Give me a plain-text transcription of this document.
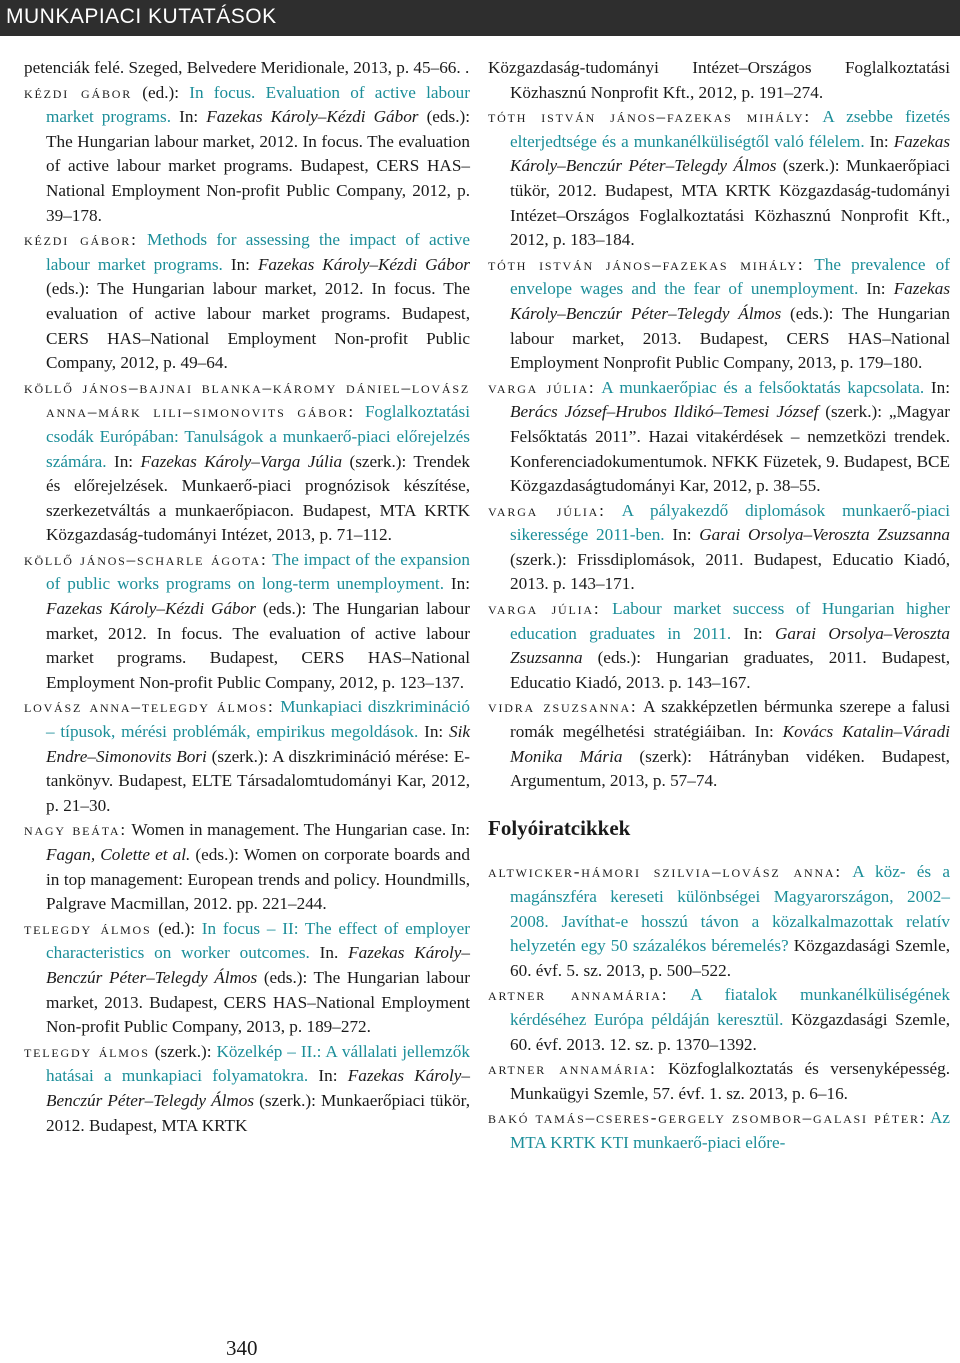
MUNKAPIACI KUTATÁSOK

petenciák felé. Szeged, Belvedere Meridionale, 2013, p. 45–66. .

kézdi gábor (ed.): In focus. Evaluation of active labour market programs. In: Fazekas Károly–Kézdi Gábor (eds.): The Hungarian labour market, 2012. In focus. The evaluation of active labour market programs. Budapest, CERS HAS–National Employment Non-profit Public Company, 2012, p. 39–178.

kézdi gábor: Methods for assessing the impact of active labour market programs. In: Fazekas Károly–Kézdi Gábor (eds.): The Hungarian labour market, 2012. In focus. The evaluation of active labour market programs. Budapest, CERS HAS–National Employment Non-profit Public Company, 2012, p. 49–64.

köllő jános–bajnai blanka–káromy dániel–lovász anna–márk lili–simonovits gábor: Foglalkoztatási csodák Európában: Tanulságok a munkaerő-piaci előrejelzés számára. In: Fazekas Károly–Varga Júlia (szerk.): Trendek és előrejelzések. Munkaerő-piaci prognózisok készítése, szerkezetváltás a munkaerőpiacon. Budapest, MTA KRTK Közgazdaság-tudományi Intézet, 2013, p. 71–112.

köllő jános–scharle ágota: The impact of the expansion of public works programs on long-term unemployment. In: Fazekas Károly–Kézdi Gábor (eds.): The Hungarian labour market, 2012. In focus. The evaluation of active labour market programs. Budapest, CERS HAS–National Employment Non-profit Public Company, 2012, p. 123–137.

lovász anna–telegdy álmos: Munkapiaci diszkrimináció – típusok, mérési problémák, empirikus megoldások. In: Sik Endre–Simonovits Bori (szerk.): A diszkrimináció mérése: E-tankönyv. Budapest, ELTE Társadalomtudományi Kar, 2012, p. 21–30.

nagy beáta: Women in management. The Hungarian case. In: Fagan, Colette et al. (eds.): Women on corporate boards and in top management: European trends and policy. Houndmills, Palgrave Macmillan, 2012. pp. 221–244.

telegdy álmos (ed.): In focus – II: The effect of employer characteristics on worker outcomes. In. Fazekas Károly–Benczúr Péter–Telegdy Álmos (eds.): The Hungarian labour market, 2013. Budapest, CERS HAS–National Employment Non-profit Public Company, 2013, p. 189–272.

telegdy álmos (szerk.): Közelkép – II.: A vállalati jellemzők hatásai a munkapiaci folyamatokra. In: Fazekas Károly–Benczúr Péter–Telegdy Álmos (szerk.): Munkaerőpiaci tükör, 2012. Budapest, MTA KRTK

Közgazdaság-tudományi Intézet–Országos Foglalkoztatási Közhasznú Nonprofit Kft., 2012, p. 191–274.

tóth istván jános–fazekas mihály: A zsebbe fizetés elterjedtsége és a munkanélküliségtől való félelem. In: Fazekas Károly–Benczúr Péter–Telegdy Álmos (szerk.): Munkaerőpiaci tükör, 2012. Budapest, MTA KRTK Közgazdaság-tudományi Intézet–Országos Foglalkoztatási Közhasznú Nonprofit Kft., 2012, p. 183–184.

tóth istván jános–fazekas mihály: The prevalence of envelope wages and the fear of unemployment. In: Fazekas Károly–Benczúr Péter–Telegdy Álmos (eds.): The Hungarian labour market, 2013. Budapest, CERS HAS–National Employment Nonprofit Public Company, 2013, p. 179–180.

varga júlia: A munkaerőpiac és a felsőoktatás kapcsolata. In: Berács József–Hrubos Ildikó–Temesi József (szerk.): „Magyar Felsőktatás 2011”. Hazai vitakérdések – nemzetközi trendek. Konferenciadokumentumok. NFKK Füzetek, 9. Budapest, BCE Közgazdaságtudományi Kar, 2012, p. 38–55.

varga júlia: A pályakezdő diplomások munkaerő-piaci sikeressége 2011-ben. In: Garai Orsolya–Veroszta Zsuzsanna (szerk.): Frissdiplomások, 2011. Budapest, Educatio Kiadó, 2013. p. 143–171.

varga júlia: Labour market success of Hungarian higher education graduates in 2011. In: Garai Orsolya–Veroszta Zsuzsanna (eds.): Hungarian graduates, 2011. Budapest, Educatio Kiadó, 2013. p. 143–167.

vidra zsuzsanna: A szakképzetlen bérmunka szerepe a falusi romák megélhetési stratégiáiban. In: Kovács Katalin–Váradi Monika Mária (szerk): Hátrányban vidéken. Budapest, Argumentum, 2013, p. 57–74.

Folyóiratcikkek

altwicker-hámori szilvia–lovász anna: A köz- és a magánszféra kereseti különbségei Magyarországon, 2002–2008. Javíthat-e hosszú távon a közalkalmazottak relatív helyzetén egy 50 százalékos béremelés? Közgazdasági Szemle, 60. évf. 5. sz. 2013, p. 500–522.

artner annamária: A fiatalok munkanélküliségének kérdéséhez Európa példáján keresztül. Közgazdasági Szemle, 60. évf. 2013. 12. sz. p. 1370–1392.

artner annamária: Közfoglalkoztatás és versenyképesség. Munkaügyi Szemle, 57. évf. 1. sz. 2013, p. 6–16.

bakó tamás–cseres-gergely zsombor–galasi péter: Az MTA KRTK KTI munkaerő-piaci előre-

340
